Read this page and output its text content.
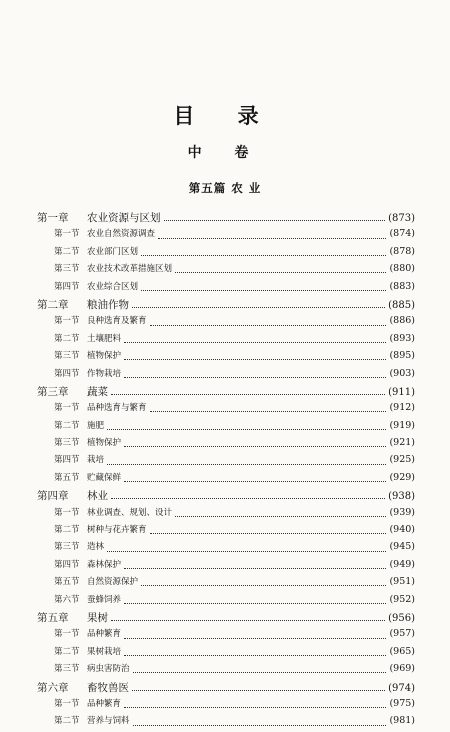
目 录
中 卷
第五篇 农 业
第一章	农业资源与区划	(873)
第一节 农业自然资源调查	(874)
第二节 农业部门区划	(878)
第三节 农业技术改革措施区划	(880)
第四节 农业综合区划	(883)
第二章	粮油作物	(885)
第一节 良种选育及繁育	(886)
第二节 土壤肥料	(893)
第三节 植物保护	(895)
第四节 作物栽培	(903)
第三章	蔬菜	(911)
第一节 品种选育与繁育	(912)
第二节 施肥	(919)
第三节 植物保护	(921)
第四节 栽培	(925)
第五节 贮藏保鲜	(929)
第四章	林业	(938)
第一节 林业调查、规划、设计	(939)
第二节 树种与花卉繁育	(940)
第三节 造林	(945)
第四节 森林保护	(949)
第五节 自然资源保护	(951)
第六节 蚕蜂饲养	(952)
第五章	果树	(956)
第一节 品种繁育	(957)
第二节 果树栽培	(965)
第三节 病虫害防治	(969)
第六章	畜牧兽医	(974)
第一节 品种繁育	(975)
第二节 营养与饲料	(981)
